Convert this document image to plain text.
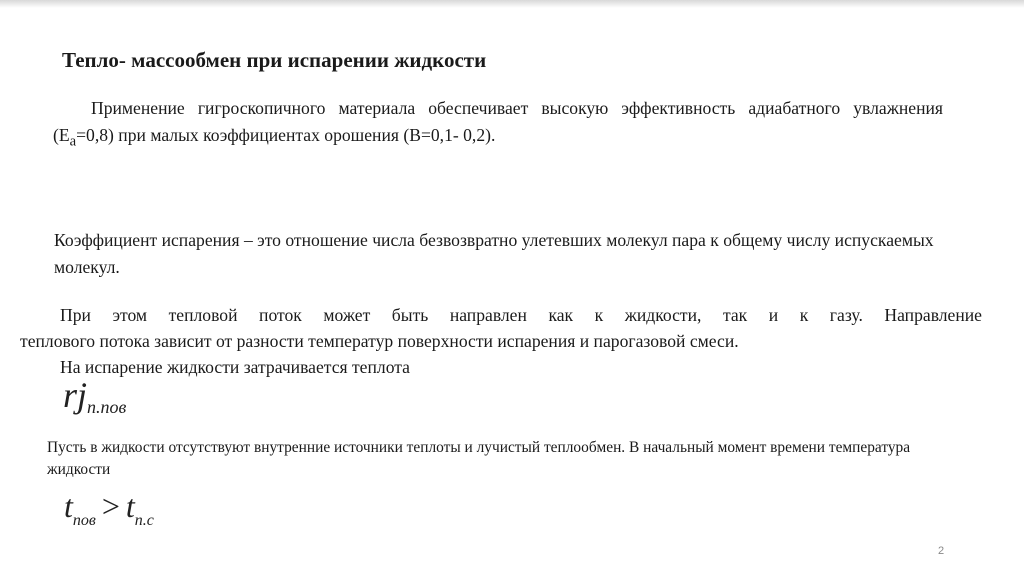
Тепло- массообмен при испарении жидкости

Применение гигроскопичного материала обеспечивает высокую эффективность адиабатного увлажнения $(Е_а=0,8)$ при малых коэффициентах орошения (В=0,1- 0,2).

Коэффициент испарения – это отношение числа безвозвратно улетевших молекул пара к общему числу испускаемых молекул.

При этом тепловой поток может быть направлен как к жидкости, так и к газу. Направление
теплового потока зависит от разности температур поверхности испарения и парогазовой смеси.

На испарение жидкости затрачивается теплота

rjп.пов

Пусть в жидкости отсутствуют внутренние источники теплоты и лучистый теплообмен. В начальный момент времени температура жидкости

$t_{пов} > t_{п.с}$
2
